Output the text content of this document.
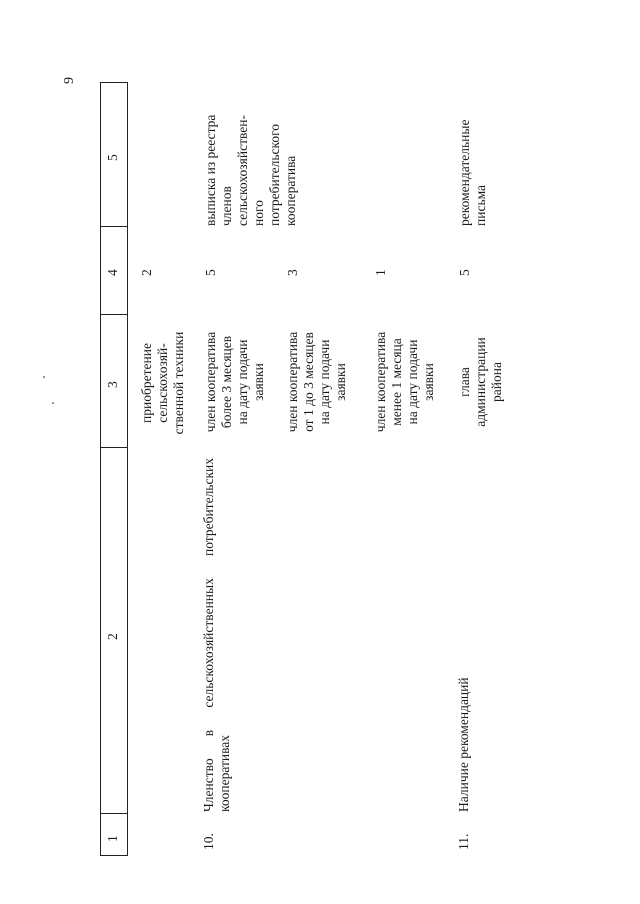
9
1
2
3
4
5
приобретение
сельскохозяй-
ственной техники
2
10.
Членство в сельскохозяйственных потребительских кооперативах
член кооператива
более 3 месяцев
на дату подачи
заявки
5
член кооператива
от 1 до 3 месяцев
на дату подачи
заявки
3
член кооператива
менее 1 месяца
на дату подачи
заявки
1
выписка из реестра
членов
сельскохозяйствен-
ного
потребительского
кооператива
11.
Наличие рекомендаций
глава
администрации
района
5
рекомендательные
письма
